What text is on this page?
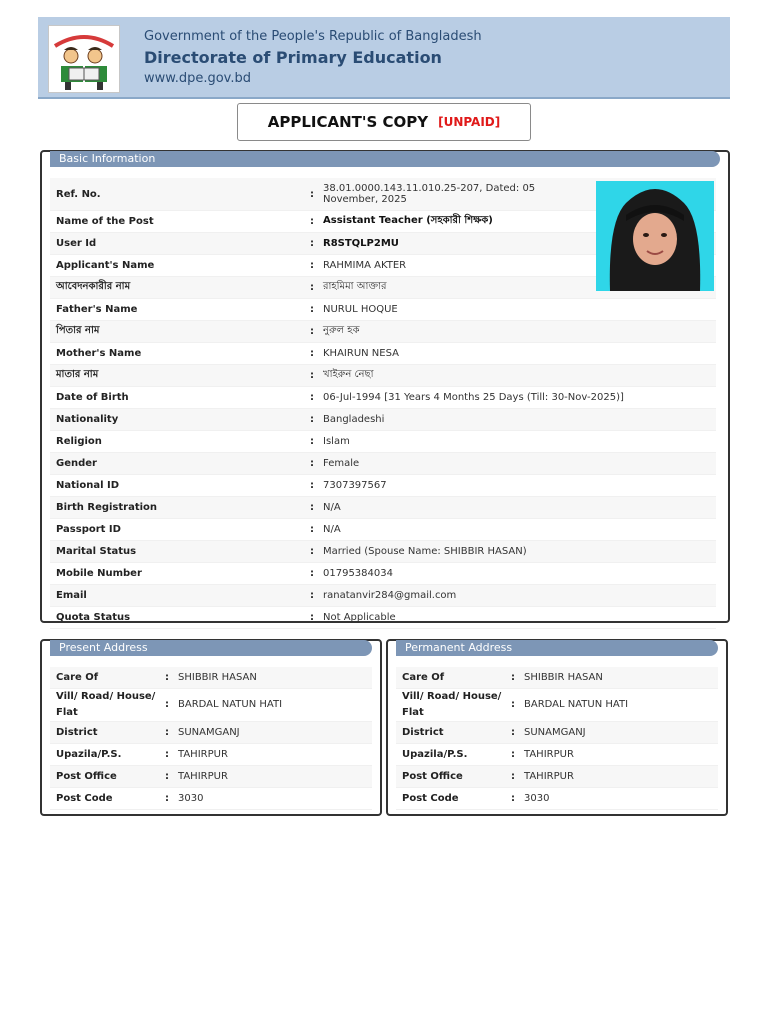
Government of the People's Republic of Bangladesh
Directorate of Primary Education
www.dpe.gov.bd
APPLICANT'S COPY [UNPAID]
Basic Information
Ref. No.	:	38.01.0000.143.11.010.25-207, Dated: 05 November, 2025
Name of the Post	:	Assistant Teacher (সহকারী শিক্ষক)
User Id	:	R8STQLP2MU
Applicant's Name	:	RAHMIMA AKTER
আবেদনকারীর নাম	:	রাহমিমা আক্তার
Father's Name	:	NURUL HOQUE
পিতার নাম	:	নুরুল হক
Mother's Name	:	KHAIRUN NESA
মাতার নাম	:	খাইরুন নেছা
Date of Birth	:	06-Jul-1994 [31 Years 4 Months 25 Days (Till: 30-Nov-2025)]
Nationality	:	Bangladeshi
Religion	:	Islam
Gender	:	Female
National ID	:	7307397567
Birth Registration	:	N/A
Passport ID	:	N/A
Marital Status	:	Married (Spouse Name: SHIBBIR HASAN)
Mobile Number	:	01795384034
Email	:	ranatanvir284@gmail.com
Quota Status	:	Not Applicable
Present Address
Care Of	:	SHIBBIR HASAN
Vill/ Road/ House/ Flat	:	BARDAL NATUN HATI
District	:	SUNAMGANJ
Upazila/P.S.	:	TAHIRPUR
Post Office	:	TAHIRPUR
Post Code	:	3030
Permanent Address
Care Of	:	SHIBBIR HASAN
Vill/ Road/ House/ Flat	:	BARDAL NATUN HATI
District	:	SUNAMGANJ
Upazila/P.S.	:	TAHIRPUR
Post Office	:	TAHIRPUR
Post Code	:	3030
